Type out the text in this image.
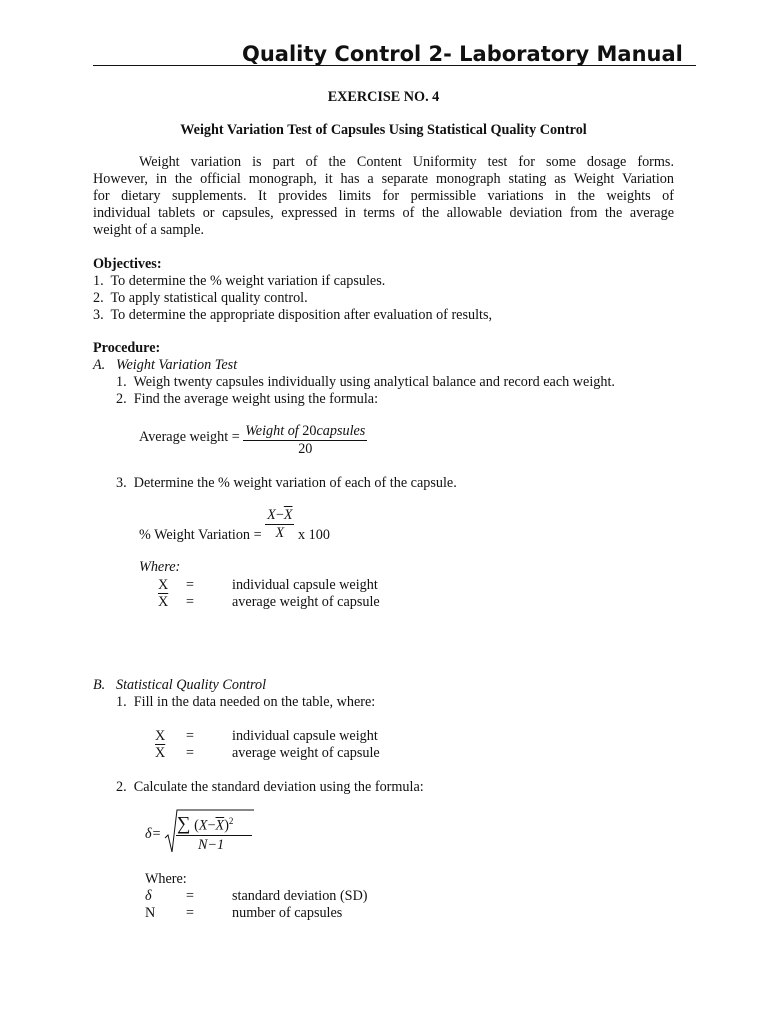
Quality Control 2- Laboratory Manual
EXERCISE NO. 4
Weight Variation Test of Capsules Using Statistical Quality Control
Weight variation is part of the Content Uniformity test for some dosage forms.
However, in the official monograph, it has a separate monograph stating as Weight Variation
for dietary supplements. It provides limits for permissible variations in the weights of
individual tablets or capsules, expressed in terms of the allowable deviation from the average
weight of a sample.
Objectives:
1.  To determine the % weight variation if capsules.
2.  To apply statistical quality control.
3.  To determine the appropriate disposition after evaluation of results,
Procedure:
A. Weight Variation Test
1.  Weigh twenty capsules individually using analytical balance and record each weight.
2.  Find the average weight using the formula:
Average weight = $\frac{\text{Weight of 20capsules}}{20}$
3.  Determine the % weight variation of each of the capsule.
% Weight Variation = $\frac{X-\overline{X}}{X}$ x 100
Where:
X =	individual capsule weight
$\overline{X}$ =	average weight of capsule
B. Statistical Quality Control
1.  Fill in the data needed on the table, where:
X =	individual capsule weight
$\overline{X}$ =	average weight of capsule
2.  Calculate the standard deviation using the formula:
δ= ∑ $(X-\overline{X})^2$
N−1
Where:
δ =	standard deviation (SD)
N =	number of capsules
